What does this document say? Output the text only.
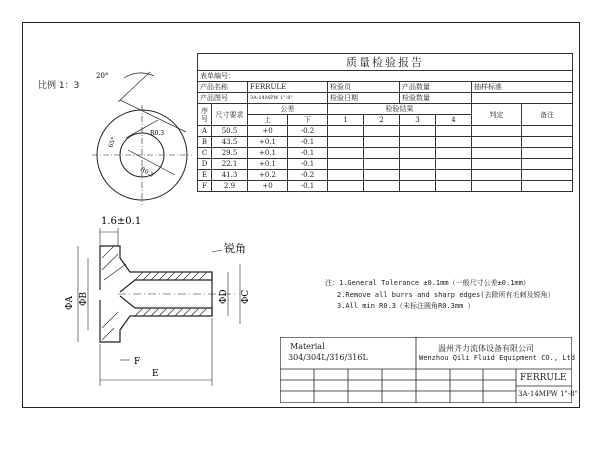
比例 1：3
1.6±0.1
锐角
ΦA ΦB	ΦD ΦC
E
F
20°
65°
R0.3
R0.3
质量检验报告									
表单编号：									
产品名称		FERRULE		检验员		产品数量		抽样标准	
产品图号		3A-14MPW 1"-8"		检验日期		检验数量			
序号	尺寸要求	公差		检验结果				判定	备注
		上	下	1	2	3	4		
A	50.5	+0	-0.2						
B	43.5	+0.1	-0.1						
C	29.5	+0.1	-0.1						
D	22.1	+0.1	-0.1						
E	41.3	+0.2	-0.2						
F	2.9	+0	-0.1						
注：1.General Tolerance ±0.1mm（一般尺寸公差±0.1mm）
2.Remove all burrs and sharp edges(去除所有毛刺及锐角）
3.All min R0.3（未标注圆角R0.3mm ）
Material
304/304L/316/316L
温州齐力流体设备有限公司
Wenzhou Qili Fluid Equipment CO., Ltd
FERRULE
3A-14MPW 1"-8"
